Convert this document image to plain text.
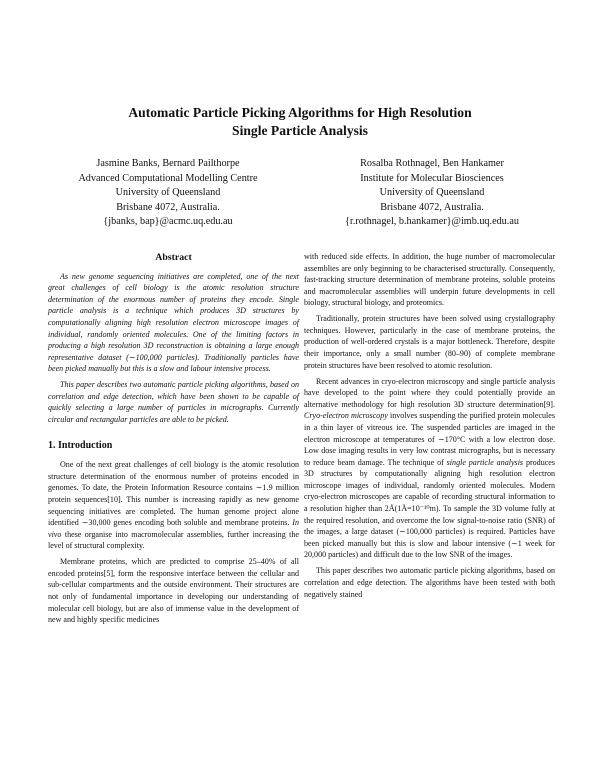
Automatic Particle Picking Algorithms for High Resolution
Single Particle Analysis
Jasmine Banks, Bernard Pailthorpe
Advanced Computational Modelling Centre
University of Queensland
Brisbane 4072, Australia.
{jbanks, bap}@acmc.uq.edu.au
Rosalba Rothnagel, Ben Hankamer
Institute for Molecular Biosciences
University of Queensland
Brisbane 4072, Australia.
{r.rothnagel, b.hankamer}@imb.uq.edu.au
Abstract

As new genome sequencing initiatives are completed, one of the next great challenges of cell biology is the atomic resolution structure determination of the enormous number of proteins they encode. Single particle analysis is a technique which produces 3D structures by computationally aligning high resolution electron microscope images of individual, randomly oriented molecules. One of the limiting factors in producing a high resolution 3D reconstruction is obtaining a large enough representative dataset (∼100,000 particles). Traditionally particles have been picked manually but this is a slow and labour intensive process.

This paper describes two automatic particle picking algorithms, based on correlation and edge detection, which have been shown to be capable of quickly selecting a large number of particles in micrographs. Currently circular and rectangular particles are able to be picked.

1. Introduction

One of the next great challenges of cell biology is the atomic resolution structure determination of the enormous number of proteins encoded in genomes. To date, the Protein Information Resource contains ∼1.9 million protein sequences[10]. This number is increasing rapidly as new genome sequencing initiatives are completed. The human genome project alone identified ∼30,000 genes encoding both soluble and membrane proteins. In vivo these organise into macromolecular assemblies, further increasing the level of structural complexity.

Membrane proteins, which are predicted to comprise 25–40% of all encoded proteins[5], form the responsive interface between the cellular and sub-cellular compartments and the outside environment. Their structures are not only of fundamental importance in developing our understanding of molecular cell biology, but are also of immense value in the development of new and highly specific medicines

with reduced side effects. In addition, the huge number of macromolecular assemblies are only beginning to be characterised structurally. Consequently, fast-tracking structure determination of membrane proteins, soluble proteins and macromolecular assemblies will underpin future developments in cell biology, structural biology, and proteomics.

Traditionally, protein structures have been solved using crystallography techniques. However, particularly in the case of membrane proteins, the production of well-ordered crystals is a major bottleneck. Therefore, despite their importance, only a small number (80–90) of complete membrane protein structures have been resolved to atomic resolution.

Recent advances in cryo-electron microscopy and single particle analysis have developed to the point where they could potentially provide an alternative methodology for high resolution 3D structure determination[9]. Cryo-electron microscopy involves suspending the purified protein molecules in a thin layer of vitreous ice. The suspended particles are imaged in the electron microscope at temperatures of ∼170°C with a low electron dose. Low dose imaging results in very low contrast micrographs, but is necessary to reduce beam damage. The technique of single particle analysis produces 3D structures by computationally aligning high resolution electron microscope images of individual, randomly oriented molecules. Modern cryo-electron microscopes are capable of recording structural information to a resolution higher than 2Å(1Å=10⁻¹⁰m). To sample the 3D volume fully at the required resolution, and overcome the low signal-to-noise ratio (SNR) of the images, a large dataset (∼100,000 particles) is required. Particles have been picked manually but this is slow and labour intensive (∼1 week for 20,000 particles) and difficult due to the low SNR of the images.

This paper describes two automatic particle picking algorithms, based on correlation and edge detection. The algorithms have been tested with both negatively stained
